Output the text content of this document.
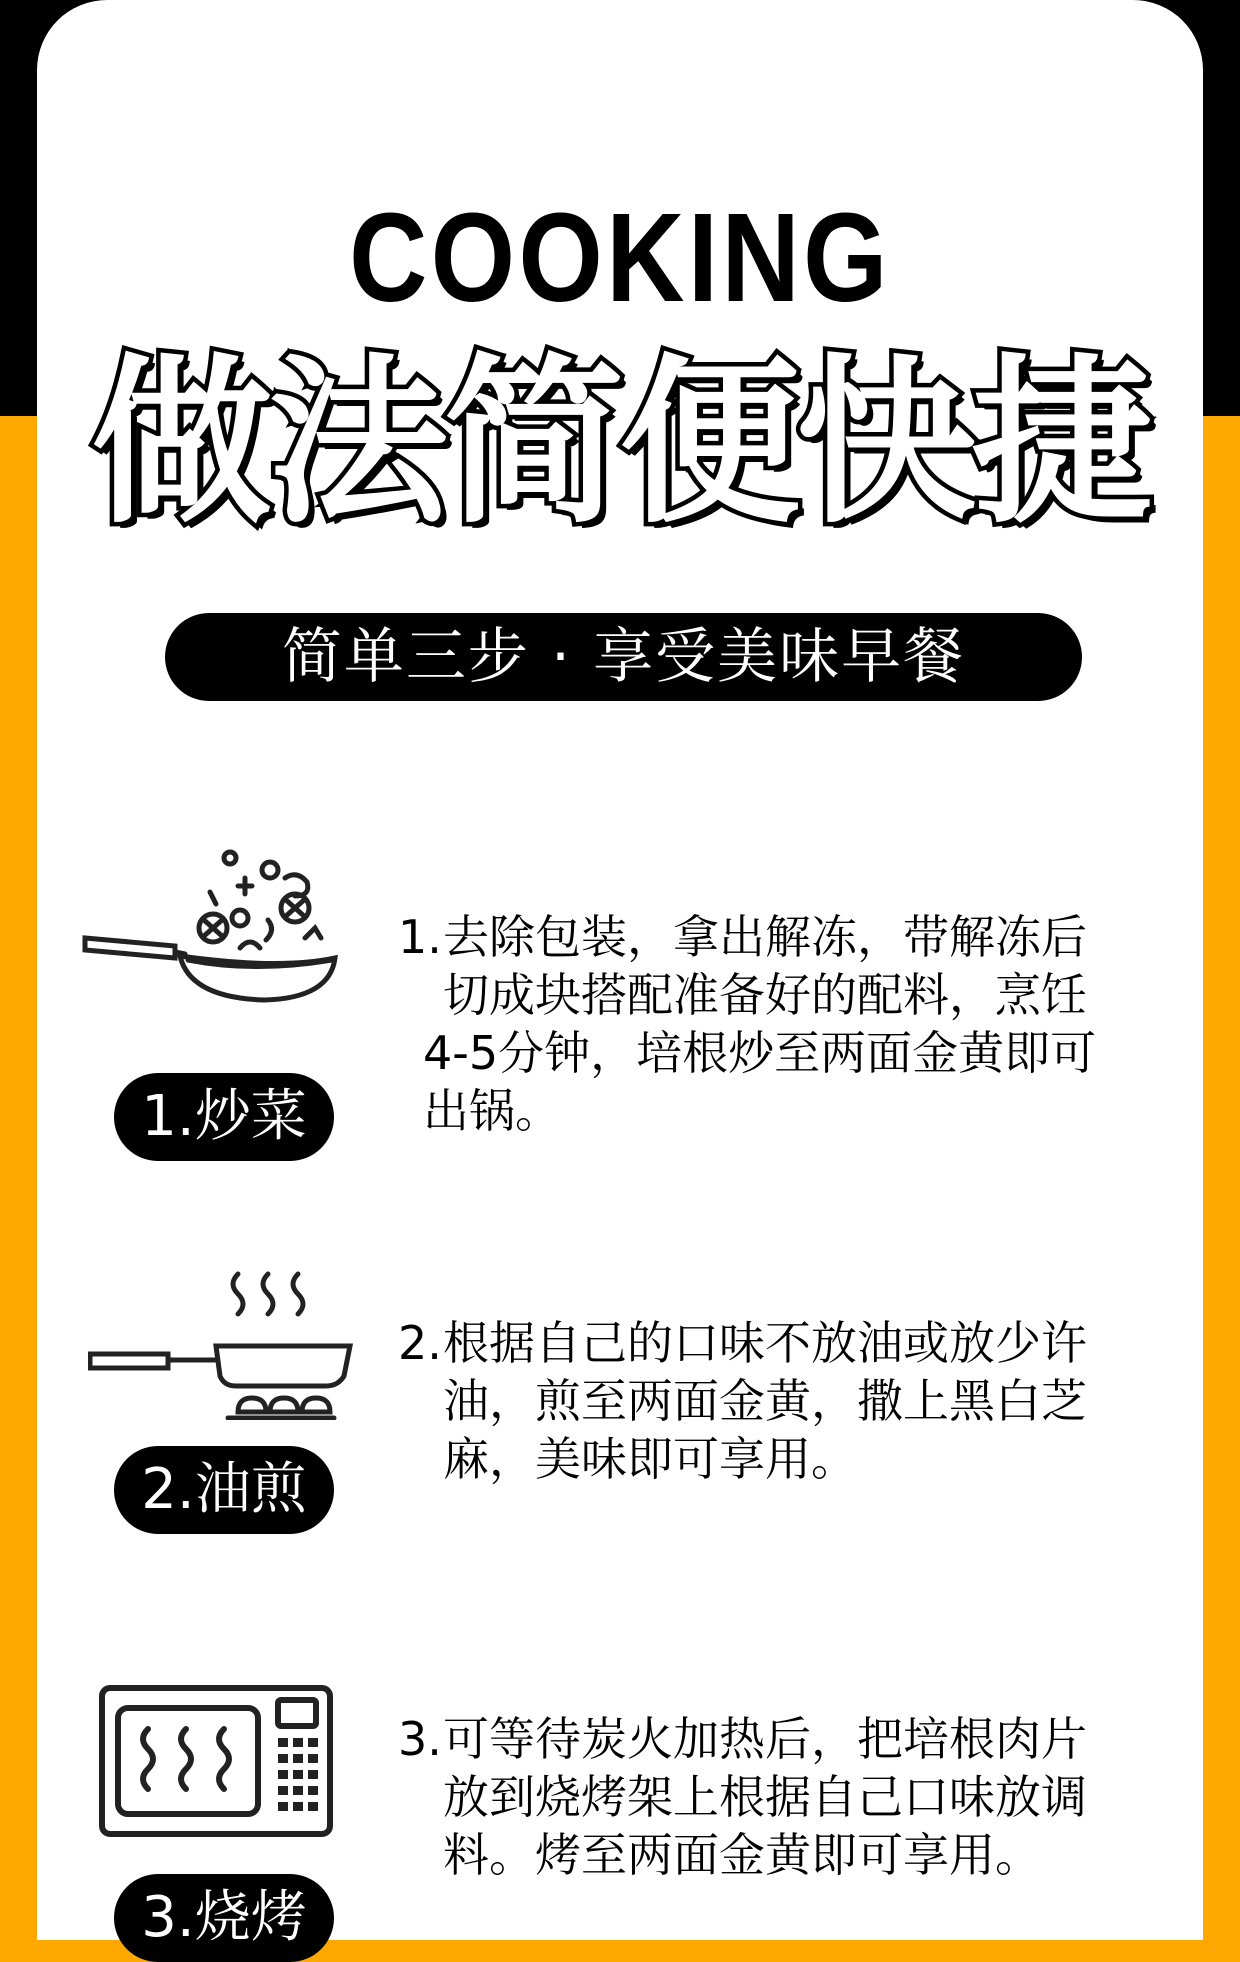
COOKING
做法简便快捷
简单三步 · 享受美味早餐
1.炒菜
1. 去除包装，拿出解冻，带解冻后
切成块搭配准备好的配料，烹饪
4-5分钟，培根炒至两面金黄即可
出锅。
2.油煎
2. 根据自己的口味不放油或放少许
油，煎至两面金黄，撒上黑白芝
麻，美味即可享用。
3.烧烤
3. 可等待炭火加热后，把培根肉片
放到烧烤架上根据自己口味放调
料。烤至两面金黄即可享用。
